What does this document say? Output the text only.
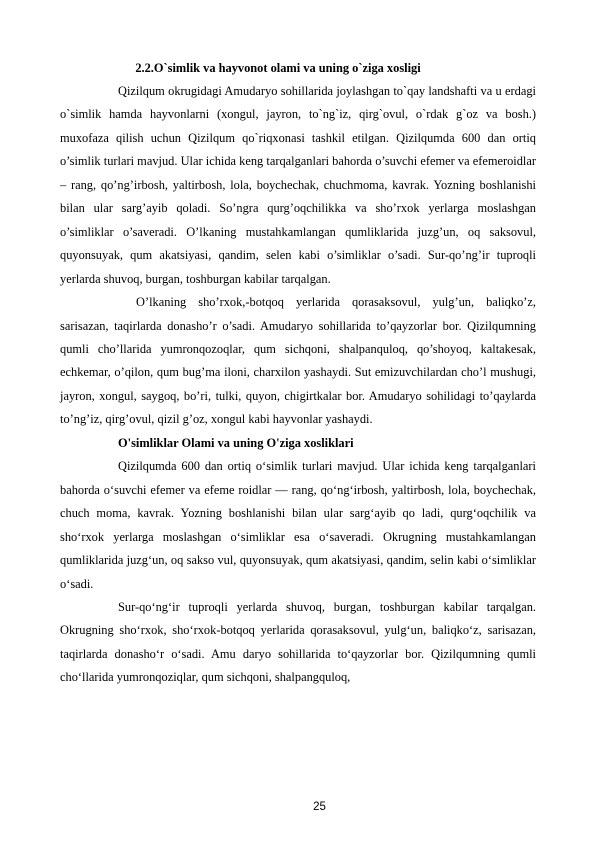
2.2.O`simlik va hayvonot olami va uning o`ziga xosligi

Qizilqum okrugidagi Amudaryo sohillarida joylashgan to`qay landshafti va u erdagi o`simlik hamda hayvonlarni (xongul, jayron, to`ng`iz, qirg`ovul, o`rdak g`oz va bosh.) muxofaza qilish uchun Qizilqum qo`riqxonasi tashkil etilgan. Qizilqumda 600 dan ortiq o’simlik turlari mavjud. Ular ichida keng tarqalganlari bahorda o’suvchi efemer va efemeroidlar – rang, qo’ng’irbosh, yaltirbosh, lola, boychechak, chuchmoma, kavrak. Yozning boshlanishi bilan ular sarg’ayib qoladi. So’ngra qurg’oqchilikka va sho’rxok yerlarga moslashgan o’simliklar o’saveradi. O’lkaning mustahkamlangan qumliklarida juzg’un, oq saksovul, quyonsuyak, qum akatsiyasi, qandim, selen kabi o’simliklar o’sadi. Sur-qo’ng’ir tuproqli yerlarda shuvoq, burgan, toshburgan kabilar tarqalgan.

O’lkaning sho’rxok,-botqoq yerlarida qorasaksovul, yulg’un, baliqko’z, sarisazan, taqirlarda donasho’r o’sadi. Amudaryo sohillarida to’qayzorlar bor. Qizilqumning qumli cho’llarida yumronqozoqlar, qum sichqoni, shalpanquloq, qo’shoyoq, kaltakesak, echkemar, o’qilon, qum bug’ma iloni, charxilon yashaydi. Sut emizuvchilardan cho’l mushugi, jayron, xongul, saygoq, bo’ri, tulki, quyon, chigirtkalar bor. Amudaryo sohilidagi to’qaylarda to’ng’iz, qirg’ovul, qizil g’oz, xongul kabi hayvonlar yashaydi.

O'simliklar Olami va uning O'ziga xosliklari

Qizilqumda 600 dan ortiq o‘simlik turlari mavjud. Ular ichida keng tarqalganlari bahorda o‘suvchi efemer va efeme roidlar — rang, qo‘ng‘irbosh, yaltirbosh, lola, boychechak, chuch moma, kavrak. Yozning boshlanishi bilan ular sarg‘ayib qo ladi, qurg‘oqchilik va sho‘rxok yerlarga moslashgan o‘simliklar esa o‘saveradi. Okrugning mustahkamlangan qumliklarida juzg‘un, oq sakso vul, quyonsuyak, qum akatsiyasi, qandim, selin kabi o‘simliklar o‘sadi.

Sur-qo‘ng‘ir tuproqli yerlarda shuvoq, burgan, toshburgan kabilar tarqalgan. Okrugning sho‘rxok, sho‘rxok-botqoq yerlarida qorasaksovul, yulg‘un, baliqko‘z, sarisazan, taqirlarda donasho‘r o‘sadi. Amu daryo sohillarida to‘qayzorlar bor. Qizilqumning qumli cho‘llarida yumronqoziqlar, qum sichqoni, shalpangquloq,

25
